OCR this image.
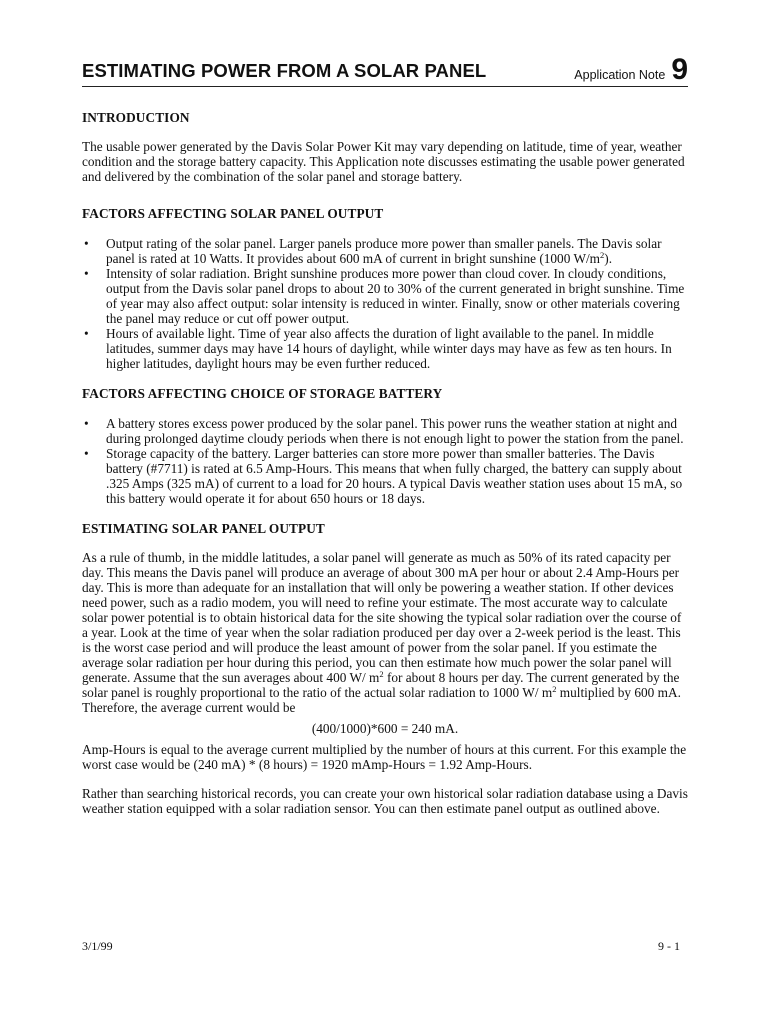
ESTIMATING POWER FROM A SOLAR PANEL	Application Note 9
INTRODUCTION

The usable power generated by the Davis Solar Power Kit may vary depending on latitude, time of year, weather condition and the storage battery capacity. This Application note discusses estimating the usable power generated and delivered by the combination of the solar panel and storage battery.

FACTORS AFFECTING SOLAR PANEL OUTPUT
• Output rating of the solar panel. Larger panels produce more power than smaller panels. The Davis solar panel is rated at 10 Watts. It provides about 600 mA of current in bright sunshine (1000 $W/m^2$).
• Intensity of solar radiation. Bright sunshine produces more power than cloud cover. In cloudy conditions, output from the Davis solar panel drops to about 20 to 30% of the current generated in bright sunshine. Time of year may also affect output: solar intensity is reduced in winter. Finally, snow or other materials covering the panel may reduce or cut off power output.
• Hours of available light. Time of year also affects the duration of light available to the panel. In middle latitudes, summer days may have 14 hours of daylight, while winter days may have as few as ten hours. In higher latitudes, daylight hours may be even further reduced.
FACTORS AFFECTING CHOICE OF STORAGE BATTERY
• A battery stores excess power produced by the solar panel. This power runs the weather station at night and during prolonged daytime cloudy periods when there is not enough light to power the station from the panel.
• Storage capacity of the battery. Larger batteries can store more power than smaller batteries. The Davis battery (#7711) is rated at 6.5 Amp-Hours. This means that when fully charged, the battery can supply about .325 Amps (325 mA) of current to a load for 20 hours. A typical Davis weather station uses about 15 mA, so this battery would operate it for about 650 hours or 18 days.
ESTIMATING SOLAR PANEL OUTPUT

As a rule of thumb, in the middle latitudes, a solar panel will generate as much as 50% of its rated capacity per day. This means the Davis panel will produce an average of about 300 mA per hour or about 2.4 Amp-Hours per day. This is more than adequate for an installation that will only be powering a weather station. If other devices need power, such as a radio modem, you will need to refine your estimate. The most accurate way to calculate solar power potential is to obtain historical data for the site showing the typical solar radiation over the course of a year. Look at the time of year when the solar radiation produced per day over a 2-week period is the least. This is the worst case period and will produce the least amount of power from the solar panel. If you estimate the average solar radiation per hour during this period, you can then estimate how much power the solar panel will generate. Assume that the sun averages about 400 W/ $m^2$ for about 8 hours per day. The current generated by the solar panel is roughly proportional to the ratio of the actual solar radiation to 1000 W/ $m^2$ multiplied by 600 mA. Therefore, the average current would be

(400/1000)*600 = 240 mA.

Amp-Hours is equal to the average current multiplied by the number of hours at this current. For this example the worst case would be (240 mA) * (8 hours) = 1920 mAmp-Hours = 1.92 Amp-Hours.

Rather than searching historical records, you can create your own historical solar radiation database using a Davis weather station equipped with a solar radiation sensor. You can then estimate panel output as outlined above.

3/1/99	9 - 1
